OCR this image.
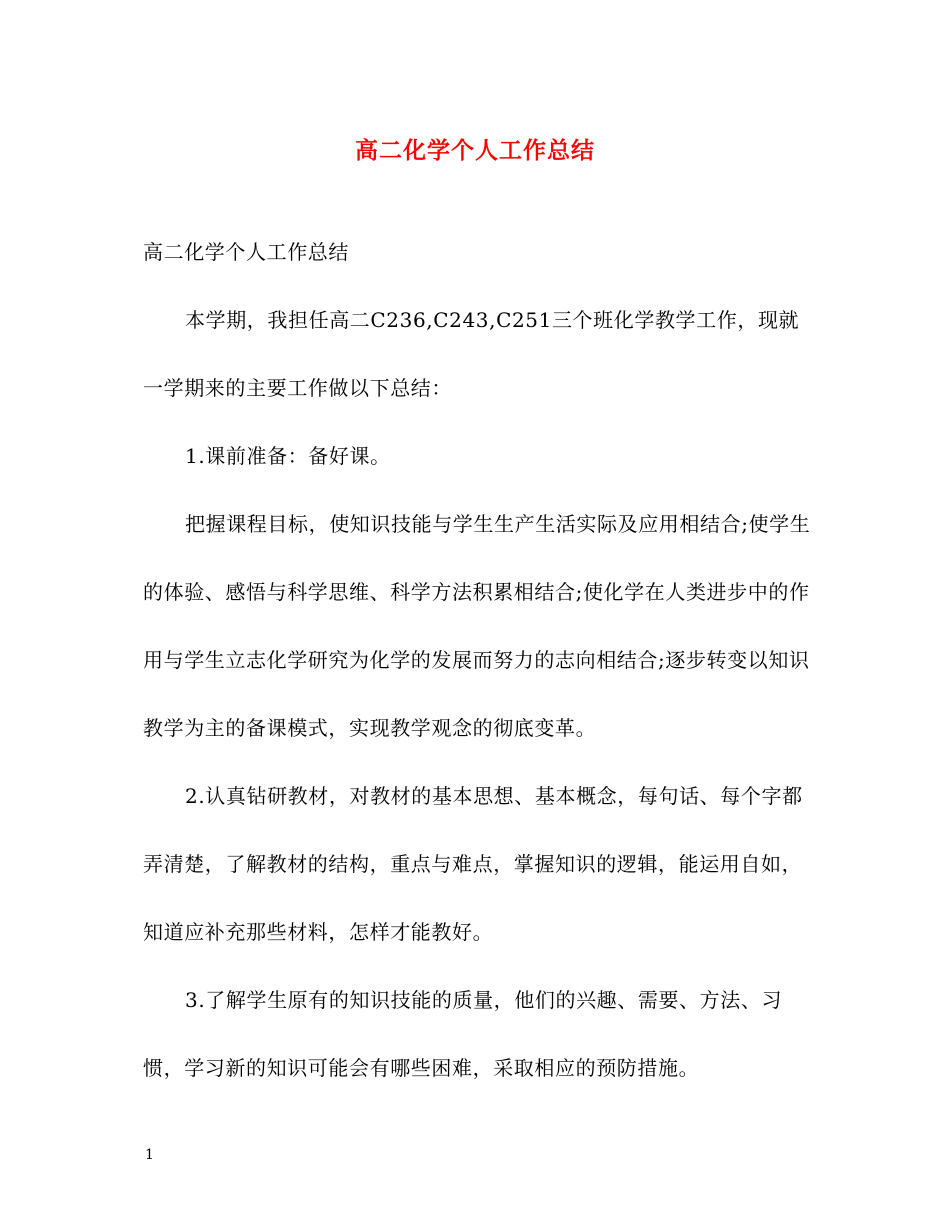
高二化学个人工作总结

高二化学个人工作总结

本学期，我担任高二C236,C243,C251三个班化学教学工作，现就一学期来的主要工作做以下总结：

1.课前准备：备好课。

把握课程目标，使知识技能与学生生产生活实际及应用相结合;使学生的体验、感悟与科学思维、科学方法积累相结合;使化学在人类进步中的作用与学生立志化学研究为化学的发展而努力的志向相结合;逐步转变以知识教学为主的备课模式，实现教学观念的彻底变革。

2.认真钻研教材，对教材的基本思想、基本概念，每句话、每个字都弄清楚，了解教材的结构，重点与难点，掌握知识的逻辑，能运用自如，知道应补充那些材料，怎样才能教好。

3.了解学生原有的知识技能的质量，他们的兴趣、需要、方法、习惯，学习新的知识可能会有哪些困难，采取相应的预防措施。

1
